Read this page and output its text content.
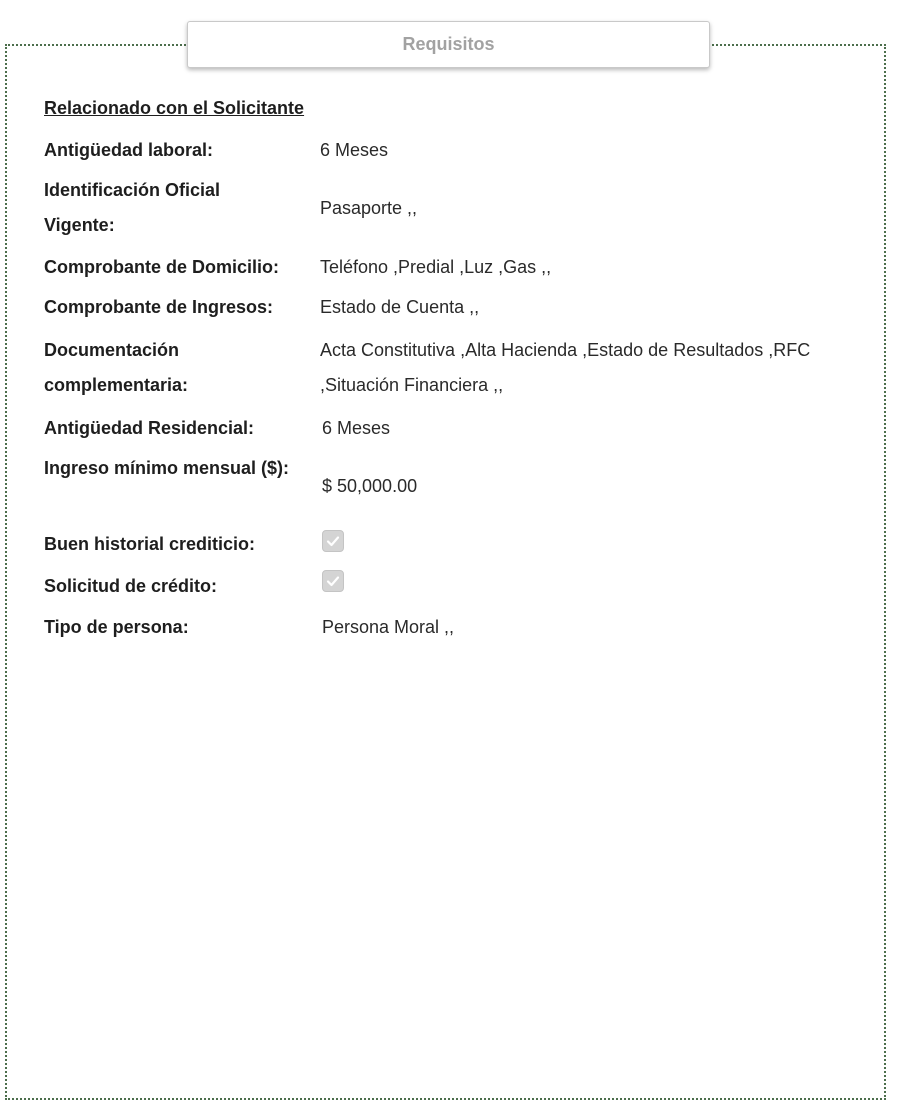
Requisitos
Relacionado con el Solicitante
Antigüedad laboral:	6 Meses
Identificación Oficial Vigente:
Pasaporte ,,
Comprobante de Domicilio:	Teléfono ,Predial ,Luz ,Gas ,,
Comprobante de Ingresos:	Estado de Cuenta ,,
Documentación complementaria:
Acta Constitutiva ,Alta Hacienda ,Estado de Resultados ,RFC ,Situación Financiera ,,
Antigüedad Residencial:	6 Meses
Ingreso mínimo mensual ($):
$ 50,000.00
Buen historial crediticio:
Solicitud de crédito:
Tipo de persona:	Persona Moral ,,
